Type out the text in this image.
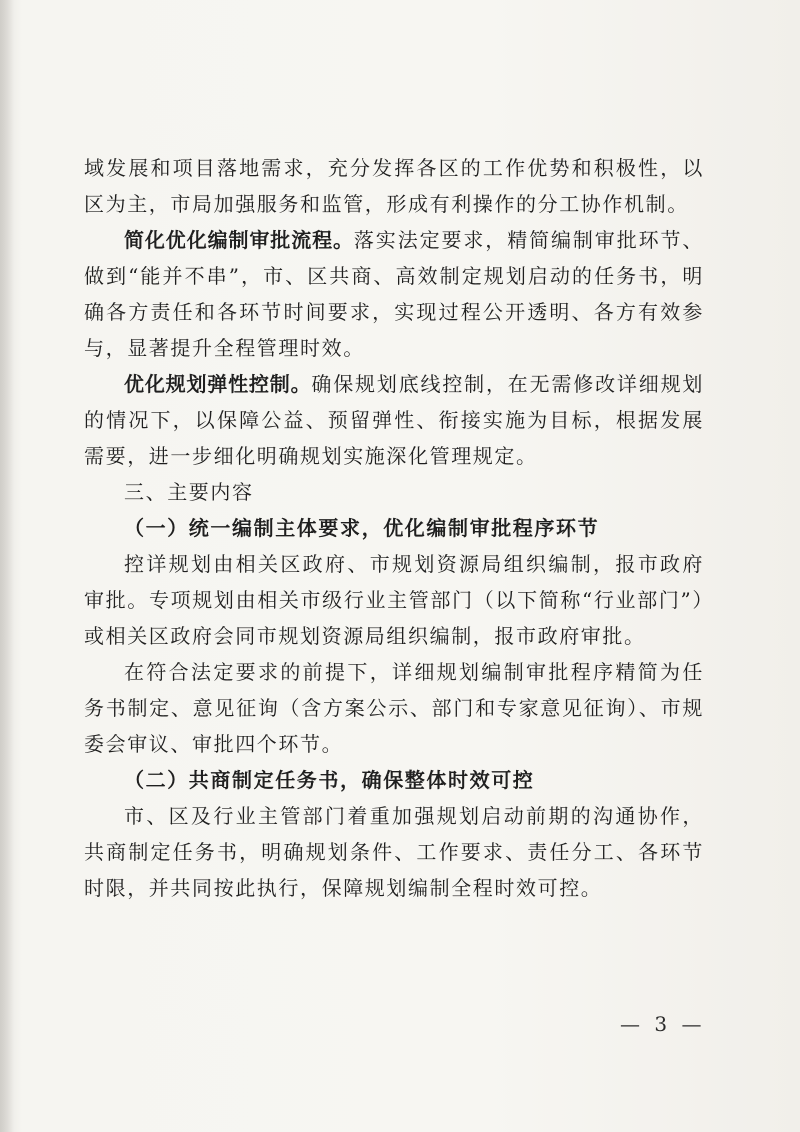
域发展和项目落地需求，充分发挥各区的工作优势和积极性，以区为主，市局加强服务和监管，形成有利操作的分工协作机制。

简化优化编制审批流程。落实法定要求，精简编制审批环节、做到“能并不串”，市、区共商、高效制定规划启动的任务书，明确各方责任和各环节时间要求，实现过程公开透明、各方有效参与，显著提升全程管理时效。

优化规划弹性控制。确保规划底线控制，在无需修改详细规划的情况下，以保障公益、预留弹性、衔接实施为目标，根据发展需要，进一步细化明确规划实施深化管理规定。

三、主要内容

（一）统一编制主体要求，优化编制审批程序环节

控详规划由相关区政府、市规划资源局组织编制，报市政府审批。专项规划由相关市级行业主管部门（以下简称“行业部门”）或相关区政府会同市规划资源局组织编制，报市政府审批。

在符合法定要求的前提下，详细规划编制审批程序精简为任务书制定、意见征询（含方案公示、部门和专家意见征询）、市规委会审议、审批四个环节。

（二）共商制定任务书，确保整体时效可控

市、区及行业主管部门着重加强规划启动前期的沟通协作，共商制定任务书，明确规划条件、工作要求、责任分工、各环节时限，并共同按此执行，保障规划编制全程时效可控。

— 3 —
